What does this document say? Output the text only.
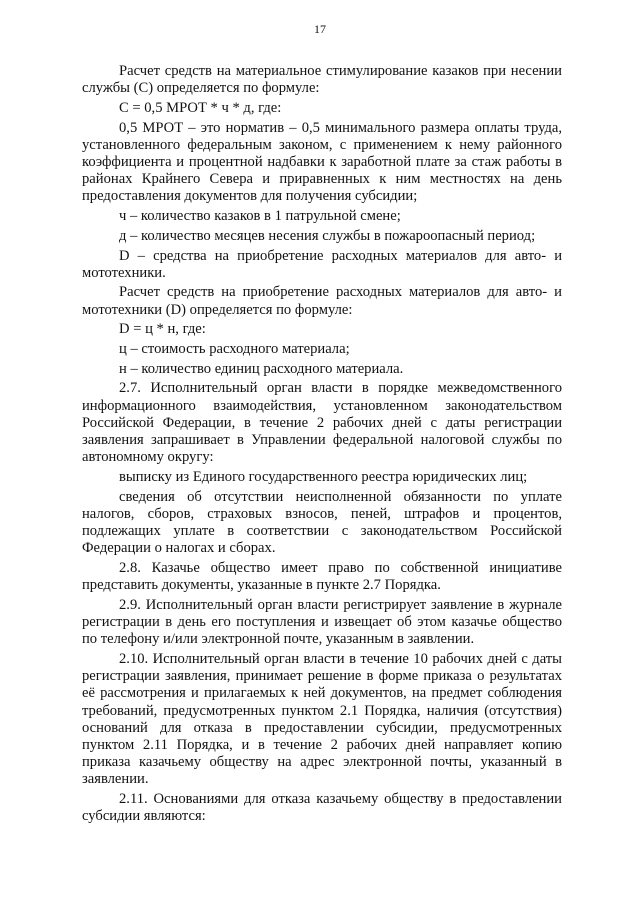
17

Расчет средств на материальное стимулирование казаков при несении службы (С) определяется по формуле:

С = 0,5 МРОТ * ч * д, где:

0,5 МРОТ – это норматив – 0,5 минимального размера оплаты труда, установленного федеральным законом, с применением к нему районного коэффициента и процентной надбавки к заработной плате за стаж работы в районах Крайнего Севера и приравненных к ним местностях на день предоставления документов для получения субсидии;

ч – количество казаков в 1 патрульной смене;

д – количество месяцев несения службы в пожароопасный период;

D – средства на приобретение расходных материалов для авто- и мототехники.

Расчет средств на приобретение расходных материалов для авто- и мототехники (D) определяется по формуле:

D = ц * н, где:

ц – стоимость расходного материала;

н – количество единиц расходного материала.

2.7. Исполнительный орган власти в порядке межведомственного информационного взаимодействия, установленном законодательством Российской Федерации, в течение 2 рабочих дней с даты регистрации заявления запрашивает в Управлении федеральной налоговой службы по автономному округу:

выписку из Единого государственного реестра юридических лиц;

сведения об отсутствии неисполненной обязанности по уплате налогов, сборов, страховых взносов, пеней, штрафов и процентов, подлежащих уплате в соответствии с законодательством Российской Федерации о налогах и сборах.

2.8. Казачье общество имеет право по собственной инициативе представить документы, указанные в пункте 2.7 Порядка.

2.9. Исполнительный орган власти регистрирует заявление в журнале регистрации в день его поступления и извещает об этом казачье общество по телефону и/или электронной почте, указанным в заявлении.

2.10. Исполнительный орган власти в течение 10 рабочих дней с даты регистрации заявления, принимает решение в форме приказа о результатах её рассмотрения и прилагаемых к ней документов, на предмет соблюдения требований, предусмотренных пунктом 2.1 Порядка, наличия (отсутствия) оснований для отказа в предоставлении субсидии, предусмотренных пунктом 2.11 Порядка, и в течение 2 рабочих дней направляет копию приказа казачьему обществу на адрес электронной почты, указанный в заявлении.

2.11. Основаниями для отказа казачьему обществу в предоставлении субсидии являются:
